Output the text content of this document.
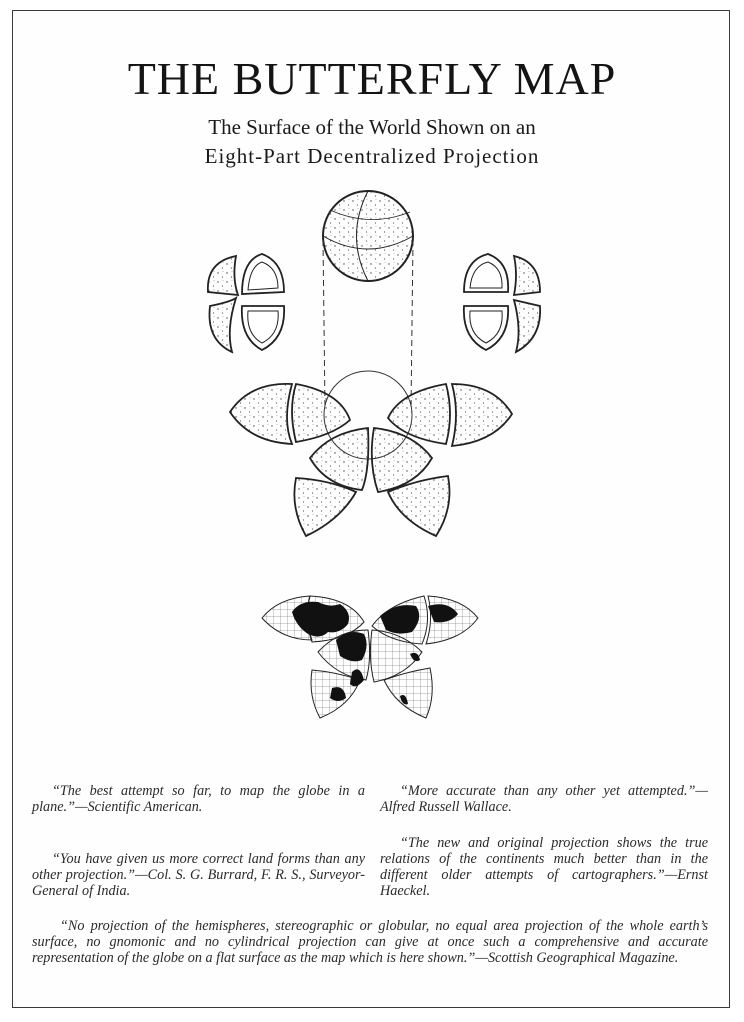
THE BUTTERFLY MAP
The Surface of the World Shown on an
Eight-Part Decentralized Projection
“The best attempt so far, to map the globe in a plane.”—Scientific American.
“More accurate than any other yet attempted.”—Alfred Russell Wallace.
“You have given us more correct land forms than any other projection.”—Col. S. G. Burrard, F. R. S., Surveyor-General of India.
“The new and original projection shows the true relations of the continents much better than in the different older attempts of cartographers.”—Ernst Haeckel.
“No projection of the hemispheres, stereographic or globular, no equal area projection of the whole earth’s surface, no gnomonic and no cylindrical projection can give at once such a comprehensive and accurate representation of the globe on a flat surface as the map which is here shown.”—Scottish Geographical Magazine.
